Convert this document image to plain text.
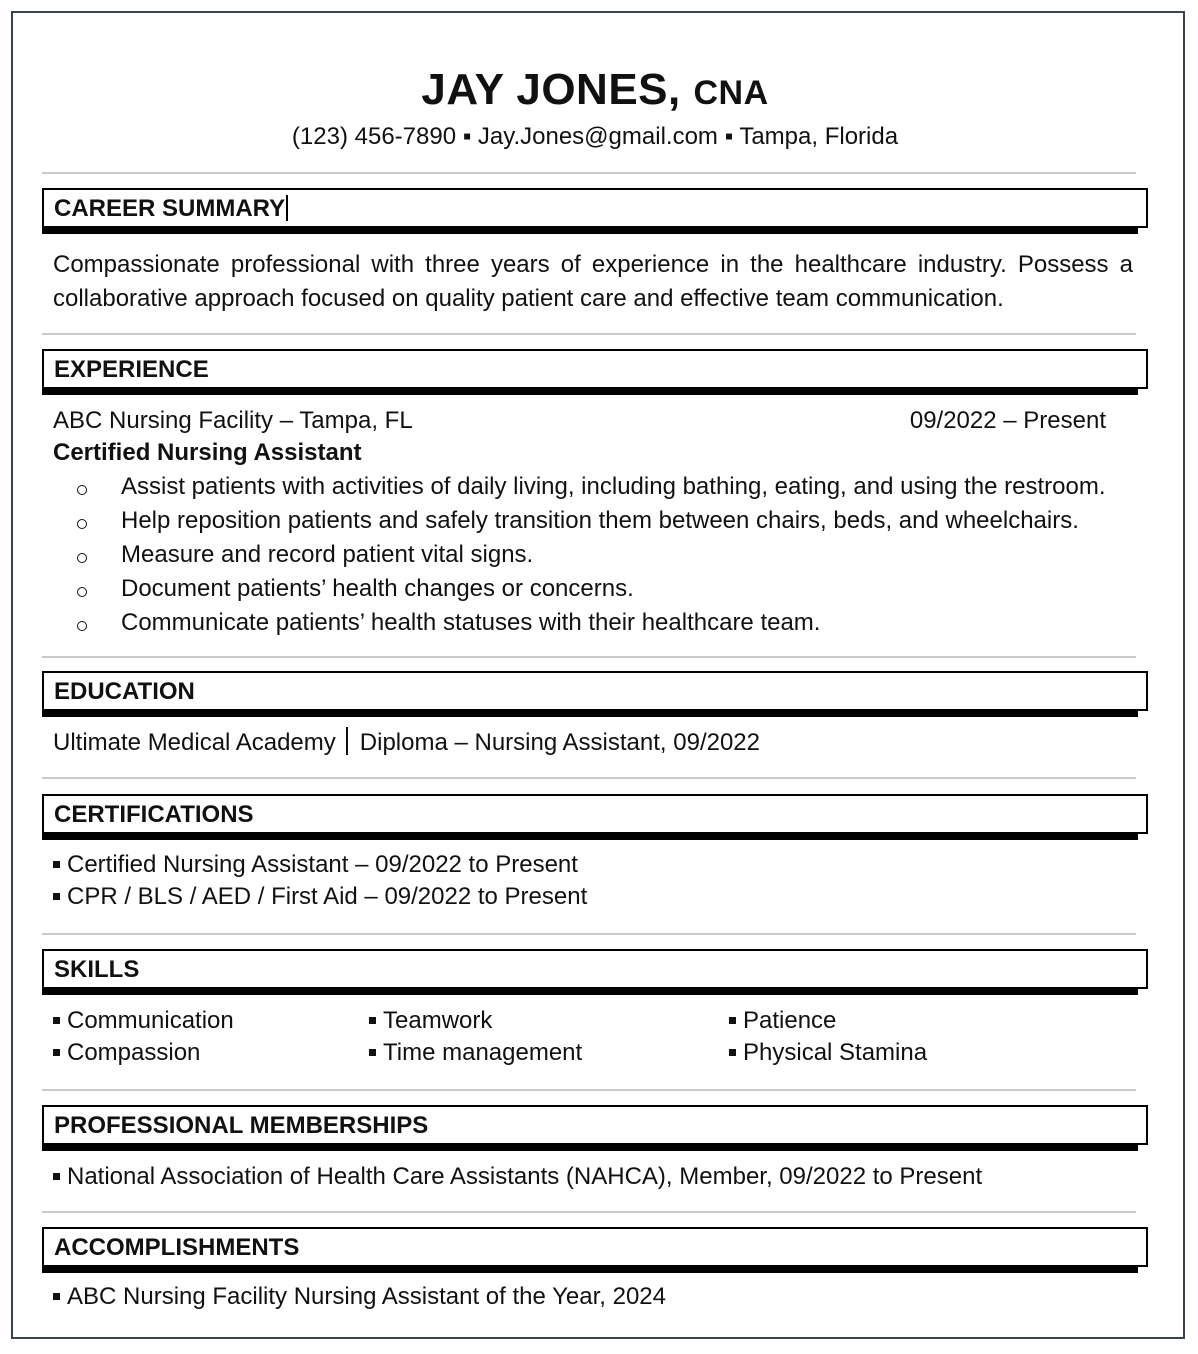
JAY JONES, CNA
(123) 456-7890 ▪ Jay.Jones@gmail.com ▪ Tampa, Florida
CAREER SUMMARY
Compassionate professional with three years of experience in the healthcare industry. Possess a collaborative approach focused on quality patient care and effective team communication.
EXPERIENCE
ABC Nursing Facility – Tampa, FL	09/2022 – Present
Certified Nursing Assistant
Assist patients with activities of daily living, including bathing, eating, and using the restroom.
Help reposition patients and safely transition them between chairs, beds, and wheelchairs.
Measure and record patient vital signs.
Document patients’ health changes or concerns.
Communicate patients’ health statuses with their healthcare team.
EDUCATION
Ultimate Medical Academy Diploma – Nursing Assistant, 09/2022
CERTIFICATIONS
Certified Nursing Assistant – 09/2022 to Present
CPR / BLS / AED / First Aid – 09/2022 to Present
SKILLS
Communication
Compassion
Teamwork
Time management
Patience
Physical Stamina
PROFESSIONAL MEMBERSHIPS
National Association of Health Care Assistants (NAHCA), Member, 09/2022 to Present
ACCOMPLISHMENTS
ABC Nursing Facility Nursing Assistant of the Year, 2024
